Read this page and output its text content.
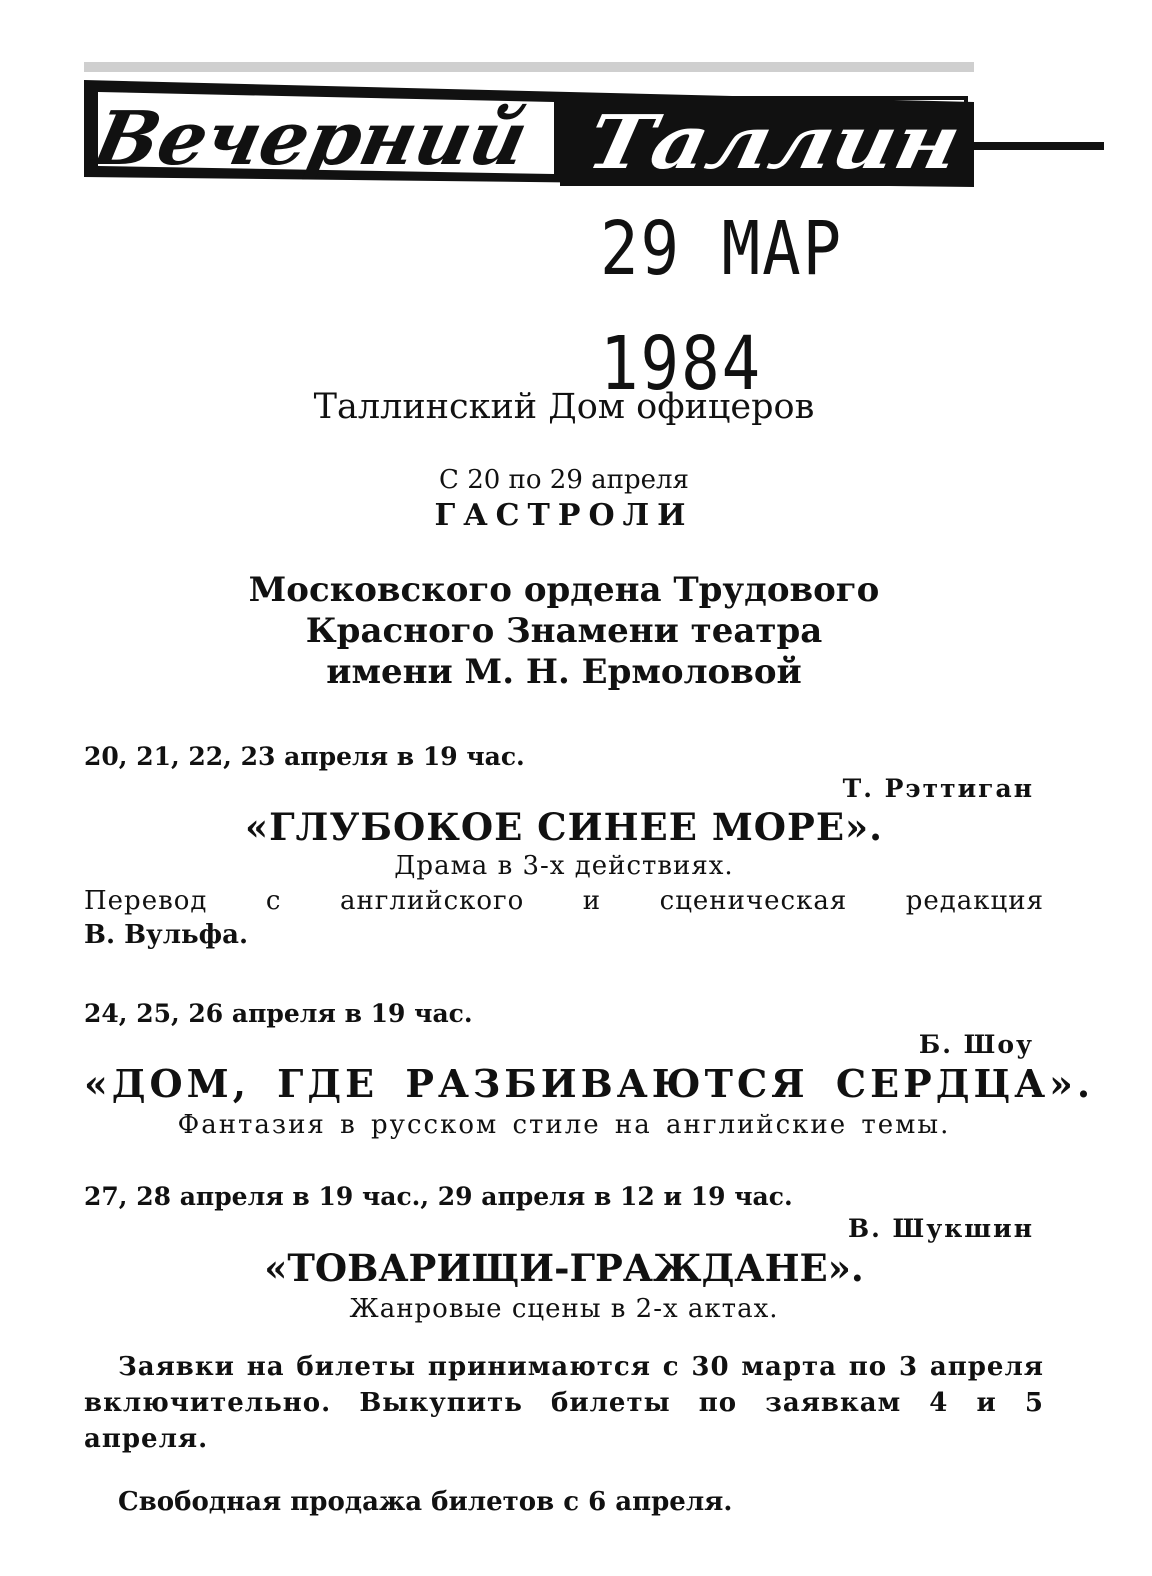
Вечерний Таллин
29 МАР 1984
Таллинский Дом офицеров
С 20 по 29 апреля
ГАСТРОЛИ
Московского ордена Трудового
Красного Знамени театра
имени М. Н. Ермоловой
20, 21, 22, 23 апреля в 19 час.
Т. Рэттиган
«ГЛУБОКОЕ СИНЕЕ МОРЕ».
Драма в 3-х действиях.
Перевод с английского и сценическая редакция
В. Вульфа.
24, 25, 26 апреля в 19 час.
Б. Шоу
«ДОМ, ГДЕ РАЗБИВАЮТСЯ СЕРДЦА».
Фантазия в русском стиле на английские темы.
27, 28 апреля в 19 час., 29 апреля в 12 и 19 час.
В. Шукшин
«ТОВАРИЩИ-ГРАЖДАНЕ».
Жанровые сцены в 2-х актах.
Заявки на билеты принимаются с 30 марта по 3 апреля включительно. Выкупить билеты по заявкам 4 и 5 апреля.
Свободная продажа билетов с 6 апреля.
